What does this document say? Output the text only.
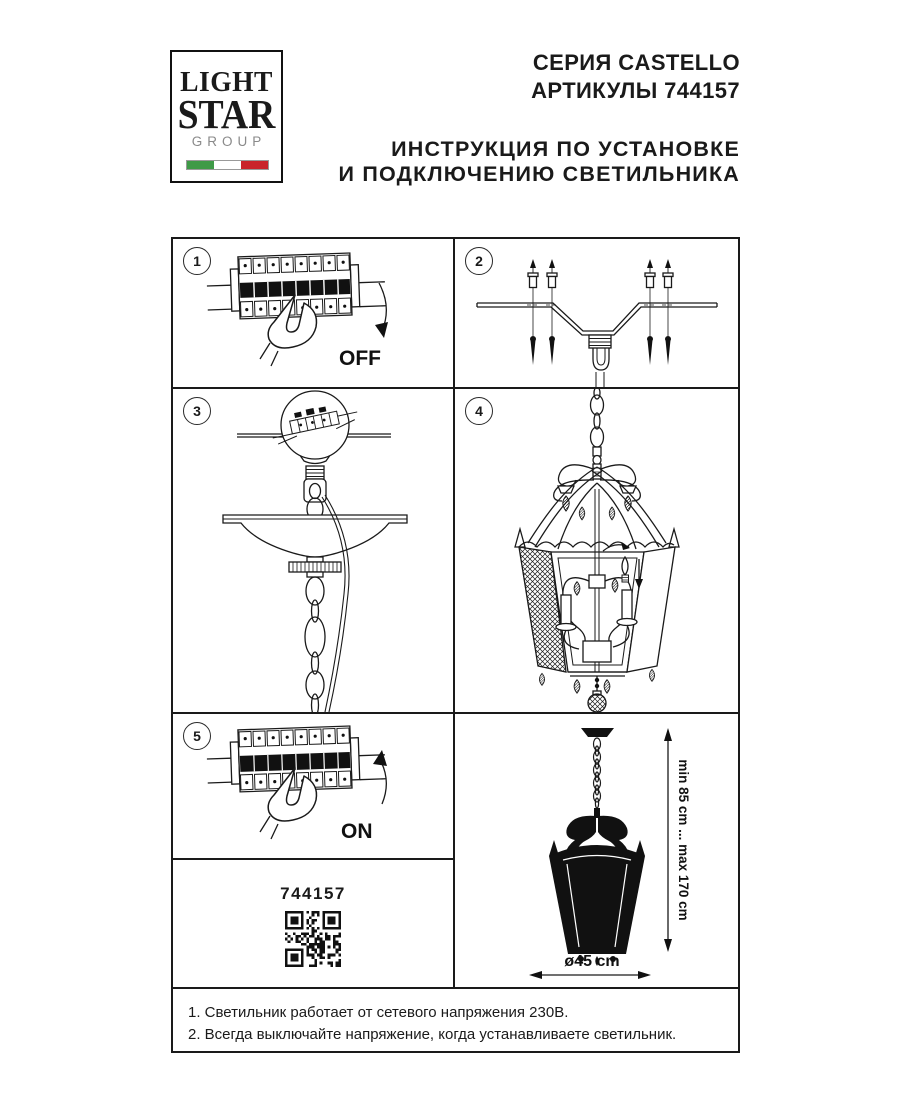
LIGHT
STAR
GROUP
СЕРИЯ CASTELLO
АРТИКУЛЫ 744157
ИНСТРУКЦИЯ ПО УСТАНОВКЕ
И ПОДКЛЮЧЕНИЮ СВЕТИЛЬНИКА
1
OFF
2
3	4
5
ON
744157	min 85 cm ... max 170 cm
ø45 cm
1. Светильник работает от сетевого напряжения 230В.
2. Всегда выключайте напряжение, когда устанавливаете светильник.
